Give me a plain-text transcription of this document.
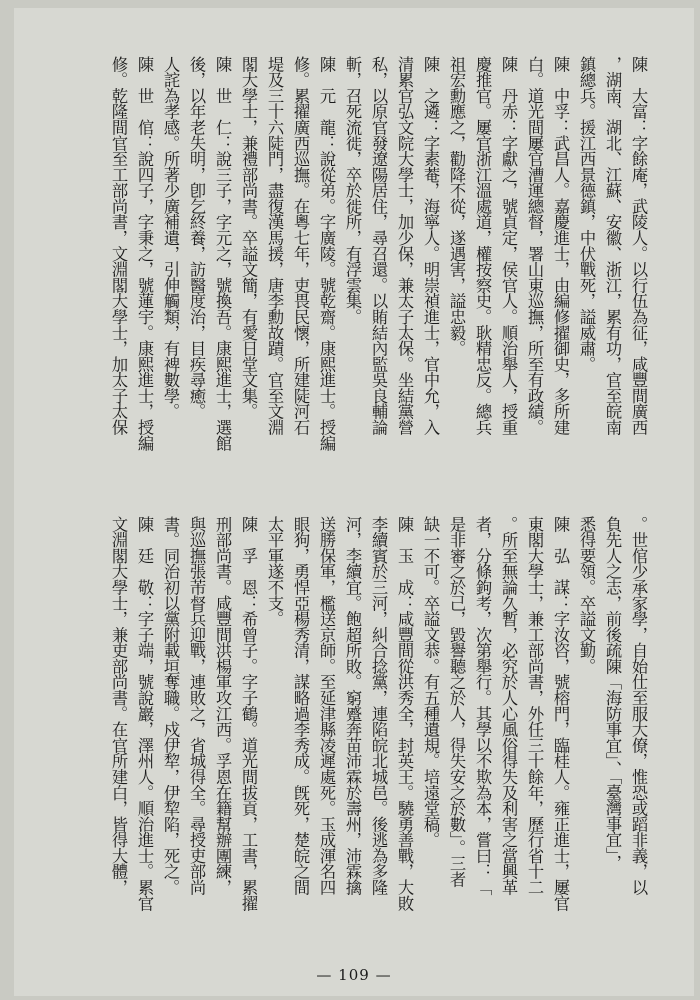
陳　大富：字餘庵，武陵人。以行伍為征，咸豐間廣西
，湖南、湖北、江蘇、安徽、浙江，累有功，官至皖南
鎮總兵。援江西景德鎮，中伏戰死，謚威肅。
陳　中孚：武昌人。嘉慶進士，由編修擢御史，多所建
白。道光間屢官漕運總督，署山東巡撫，所至有政績。
陳　丹赤：字獻之，號貞定，侯官人。順治舉人，授重
慶推官。屢官浙江溫處道，權按察史。耿精忠反。總兵
祖宏勳應之，勸降不從，遂遇害，謚忠毅。
陳　之遴：字素菴，海寧人。明崇禎進士，官中允，入
清累官弘文院大學士，加少保，兼太子太保。坐結黨營
私，以原官發遼陽居住，尋召還。以賄結內監吳良輔論
斬，召死流徙，卒於徙所，有浮雲集。
陳　元　龍：說從弟。字廣陵。號乾齋。康熙進士。授編
修。累擢廣西巡撫。在粵七年，吏畏民懷，所建陡河石
堤及三十六陡門，盡復漢馬援，唐李勳故蹟。官至文淵
閣大學士，兼禮部尚書。卒謚文簡，有愛日堂文集。
陳　世　仁：說三子，字元之，號換吾。康熙進士，選館
後，以年老失明，卽乞終養，訪醫度治，目疾尋癒。
人詫為孝感。所著少廣補遺，引伸觸類，有裨數學。
陳　世　倌：說四子，字秉之，號蓮宇。康熙進士，授編
修。乾隆間官至工部尚書，文淵閣大學士，加太子太保
。世倌少承家學，自始仕至服大僚，惟恐或蹈非義，以
負先人之志，前後疏陳「海防事宜」、「臺灣事宜」，
悉得要領。卒謚文勤。
陳　弘　謀：字汝咨，號榕門，臨桂人。雍正進士，屢官
東閣大學士，兼工部尚書，外任三十餘年，歷行省十二
。所至無論久暫，必究於人心風俗得失及利害之當興革
者，分條鉤考，次第舉行。其學以不欺為本，嘗曰：「
是非審之於己，毀譽聽之於人，得失安之於數」。三者
缺一不可。卒謚文恭。有五種遺規。培遠堂稿。
陳　玉　成：咸豐間從洪秀全，封英王。驍勇善戰，大敗
李續賓於三河，糾合捻黨，連陷皖北城邑。後逃為多隆
河，李續宜。飽超所敗。窮蹙奔苗沛霖於壽州，沛霖擒
送勝保軍，檻送京師。至延津縣凌遲處死。玉成渾名四
眼狗，勇悍亞楊秀清，謀略過李秀成。旣死，楚皖之間
太平軍遂不支。
陳　孚　恩：希曾子。字子鶴。道光間拔貢，工書，累擢
刑部尚書。咸豐間洪楊軍攻江西。孚恩在籍幫辦團練，
與巡撫張芾督兵迎戰，連敗之，省城得全。尋授吏部尚
書。同治初以黨附載垣奪職。戍伊犂，伊犂陷，死之。
陳　廷　敬：字子端，號說巖，澤州人。順治進士。累官
文淵閣大學士，兼吏部尚書。在官所建白，皆得大體，
— 109 —
